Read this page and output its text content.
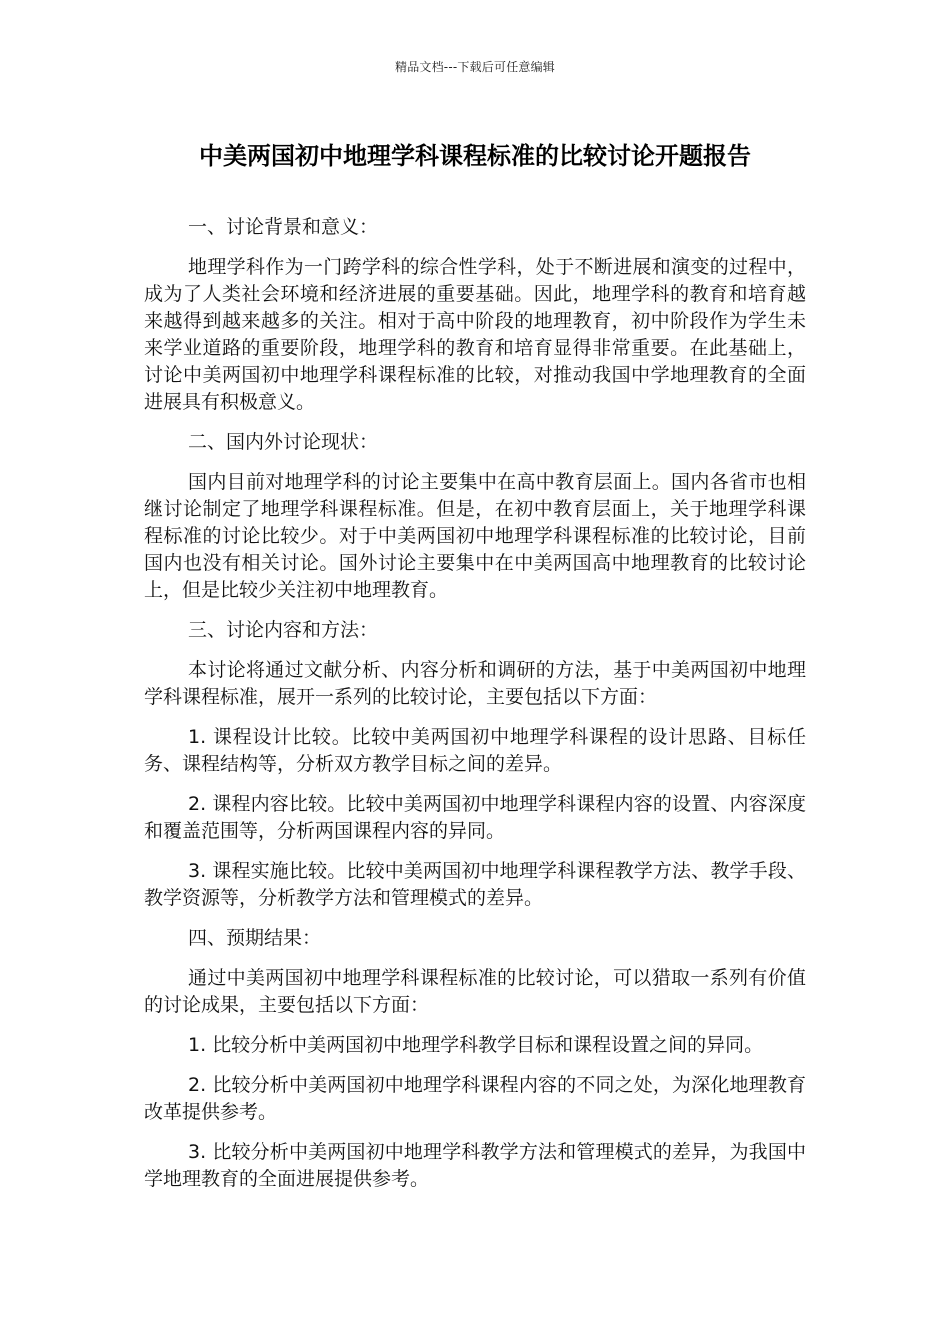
精品文档---下载后可任意编辑
中美两国初中地理学科课程标准的比较讨论开题报告

一、讨论背景和意义：

地理学科作为一门跨学科的综合性学科，处于不断进展和演变的过程中，成为了人类社会环境和经济进展的重要基础。因此，地理学科的教育和培育越来越得到越来越多的关注。相对于高中阶段的地理教育，初中阶段作为学生未来学业道路的重要阶段，地理学科的教育和培育显得非常重要。在此基础上，讨论中美两国初中地理学科课程标准的比较，对推动我国中学地理教育的全面进展具有积极意义。

二、国内外讨论现状：

国内目前对地理学科的讨论主要集中在高中教育层面上。国内各省市也相继讨论制定了地理学科课程标准。但是，在初中教育层面上，关于地理学科课程标准的讨论比较少。对于中美两国初中地理学科课程标准的比较讨论，目前国内也没有相关讨论。国外讨论主要集中在中美两国高中地理教育的比较讨论上，但是比较少关注初中地理教育。

三、讨论内容和方法：

本讨论将通过文献分析、内容分析和调研的方法，基于中美两国初中地理学科课程标准，展开一系列的比较讨论，主要包括以下方面：

1. 课程设计比较。比较中美两国初中地理学科课程的设计思路、目标任务、课程结构等，分析双方教学目标之间的差异。

2. 课程内容比较。比较中美两国初中地理学科课程内容的设置、内容深度和覆盖范围等，分析两国课程内容的异同。

3. 课程实施比较。比较中美两国初中地理学科课程教学方法、教学手段、教学资源等，分析教学方法和管理模式的差异。

四、预期结果：

通过中美两国初中地理学科课程标准的比较讨论，可以猎取一系列有价值的讨论成果，主要包括以下方面：

1. 比较分析中美两国初中地理学科教学目标和课程设置之间的异同。

2. 比较分析中美两国初中地理学科课程内容的不同之处，为深化地理教育改革提供参考。

3. 比较分析中美两国初中地理学科教学方法和管理模式的差异，为我国中学地理教育的全面进展提供参考。
